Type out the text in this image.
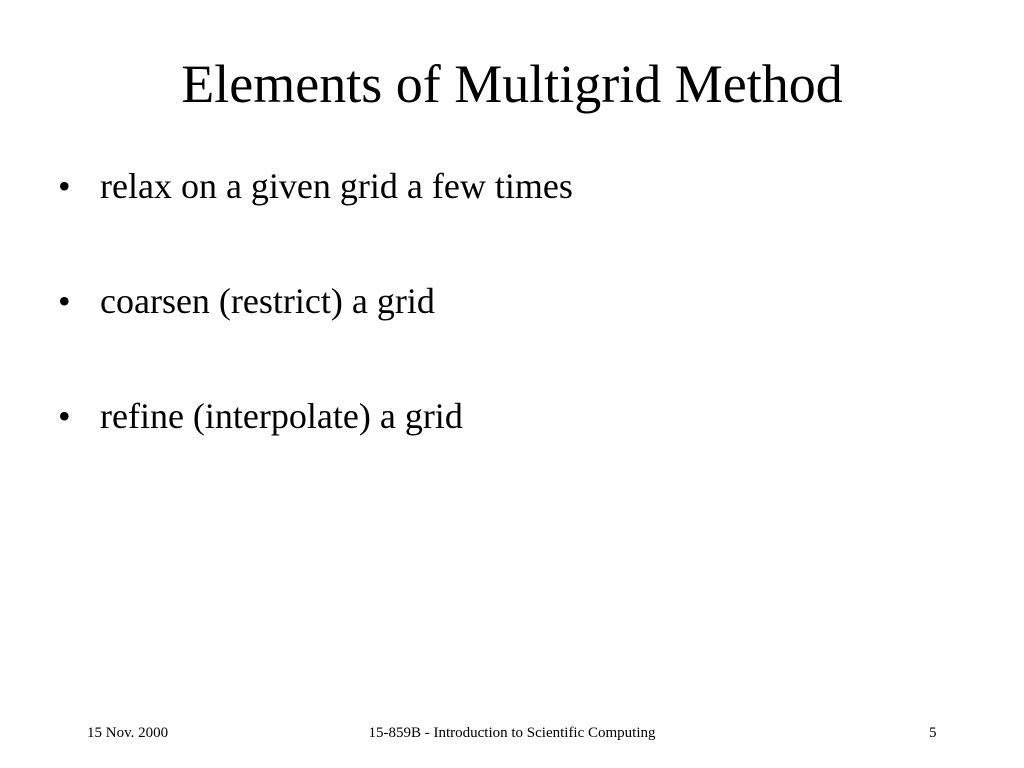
Elements of Multigrid Method
• relax on a given grid a few times
• coarsen (restrict) a grid
• refine (interpolate) a grid
15 Nov. 2000	15-859B - Introduction to Scientific Computing	5
